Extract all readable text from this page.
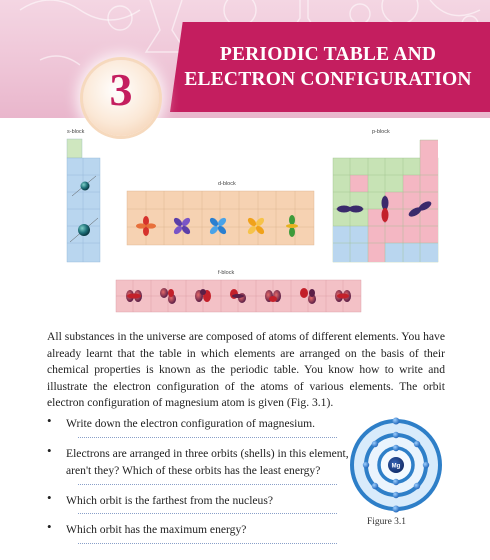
PERIODIC TABLE AND
ELECTRON CONFIGURATION
3
s-block
d-block
p-block
f-block

All substances in the universe are composed of atoms of different elements. You have already learnt that the table in which elements are arranged on the basis of their chemical properties is known as the periodic table. You know how to write and illustrate the electron configuration of the atoms of various elements. The orbit electron configuration of magnesium atom is given (Fig. 3.1).

• Write down the electron configuration of magnesium.

• Electrons are arranged in three orbits (shells) in this element, aren't they? Which of these orbits has the least energy?

• Which orbit is the farthest from the nucleus?

• Which orbit has the maximum energy?

Mg
Figure 3.1
